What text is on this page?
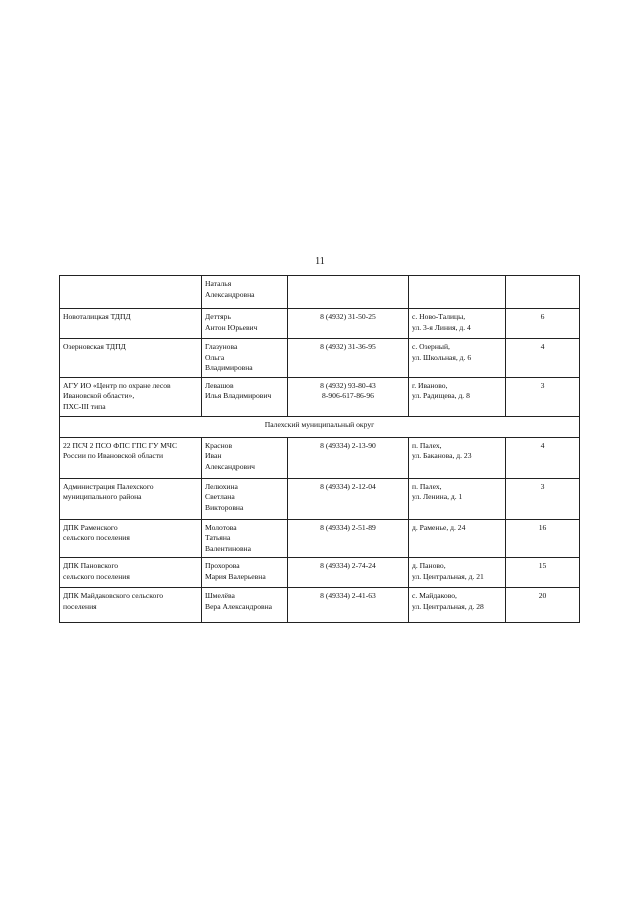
11

	Наталья
Александровна			

Новоталицкая ТДПД	Деттярь
Антон Юрьевич	8 (4932) 31-50-25	с. Ново-Талицы,
ул. 3-я Линия, д. 4	6

Озерновская ТДПД	Глазунова
Ольга
Владимировна	8 (4932) 31-36-95	с. Озерный,
ул. Школьная, д. 6	4

АГУ ИО «Центр по охране лесов
Ивановской области»,
ПХС-III типа	Левашов
Илья Владимирович	8 (4932) 93-80-43
8-906-617-86-96	г. Иваново,
ул. Радищева, д. 8	3
Палехский муниципальный округ				

22 ПСЧ 2 ПСО ФПС ГПС ГУ МЧС
России по Ивановской области	Краснов
Иван
Александрович	8 (49334) 2-13-90	п. Палех,
ул. Баканова, д. 23	4

Администрация Палехского
муниципального района	Лелюхина
Светлана
Викторовна	8 (49334) 2-12-04	п. Палех,
ул. Ленина, д. 1	3

ДПК Раменского
сельского поселения	Молотова
Татьяна
Валентиновна	8 (49334) 2-51-89	д. Раменье, д. 24	16

ДПК Пановского
сельского поселения	Прохорова
Мария Валерьевна	8 (49334) 2-74-24	д. Паново,
ул. Центральная, д. 21	15

ДПК Майдаковского сельского
поселения	Шмелёва
Вера Александровна	8 (49334) 2-41-63	с. Майдаково,
ул. Центральная, д. 28	20
